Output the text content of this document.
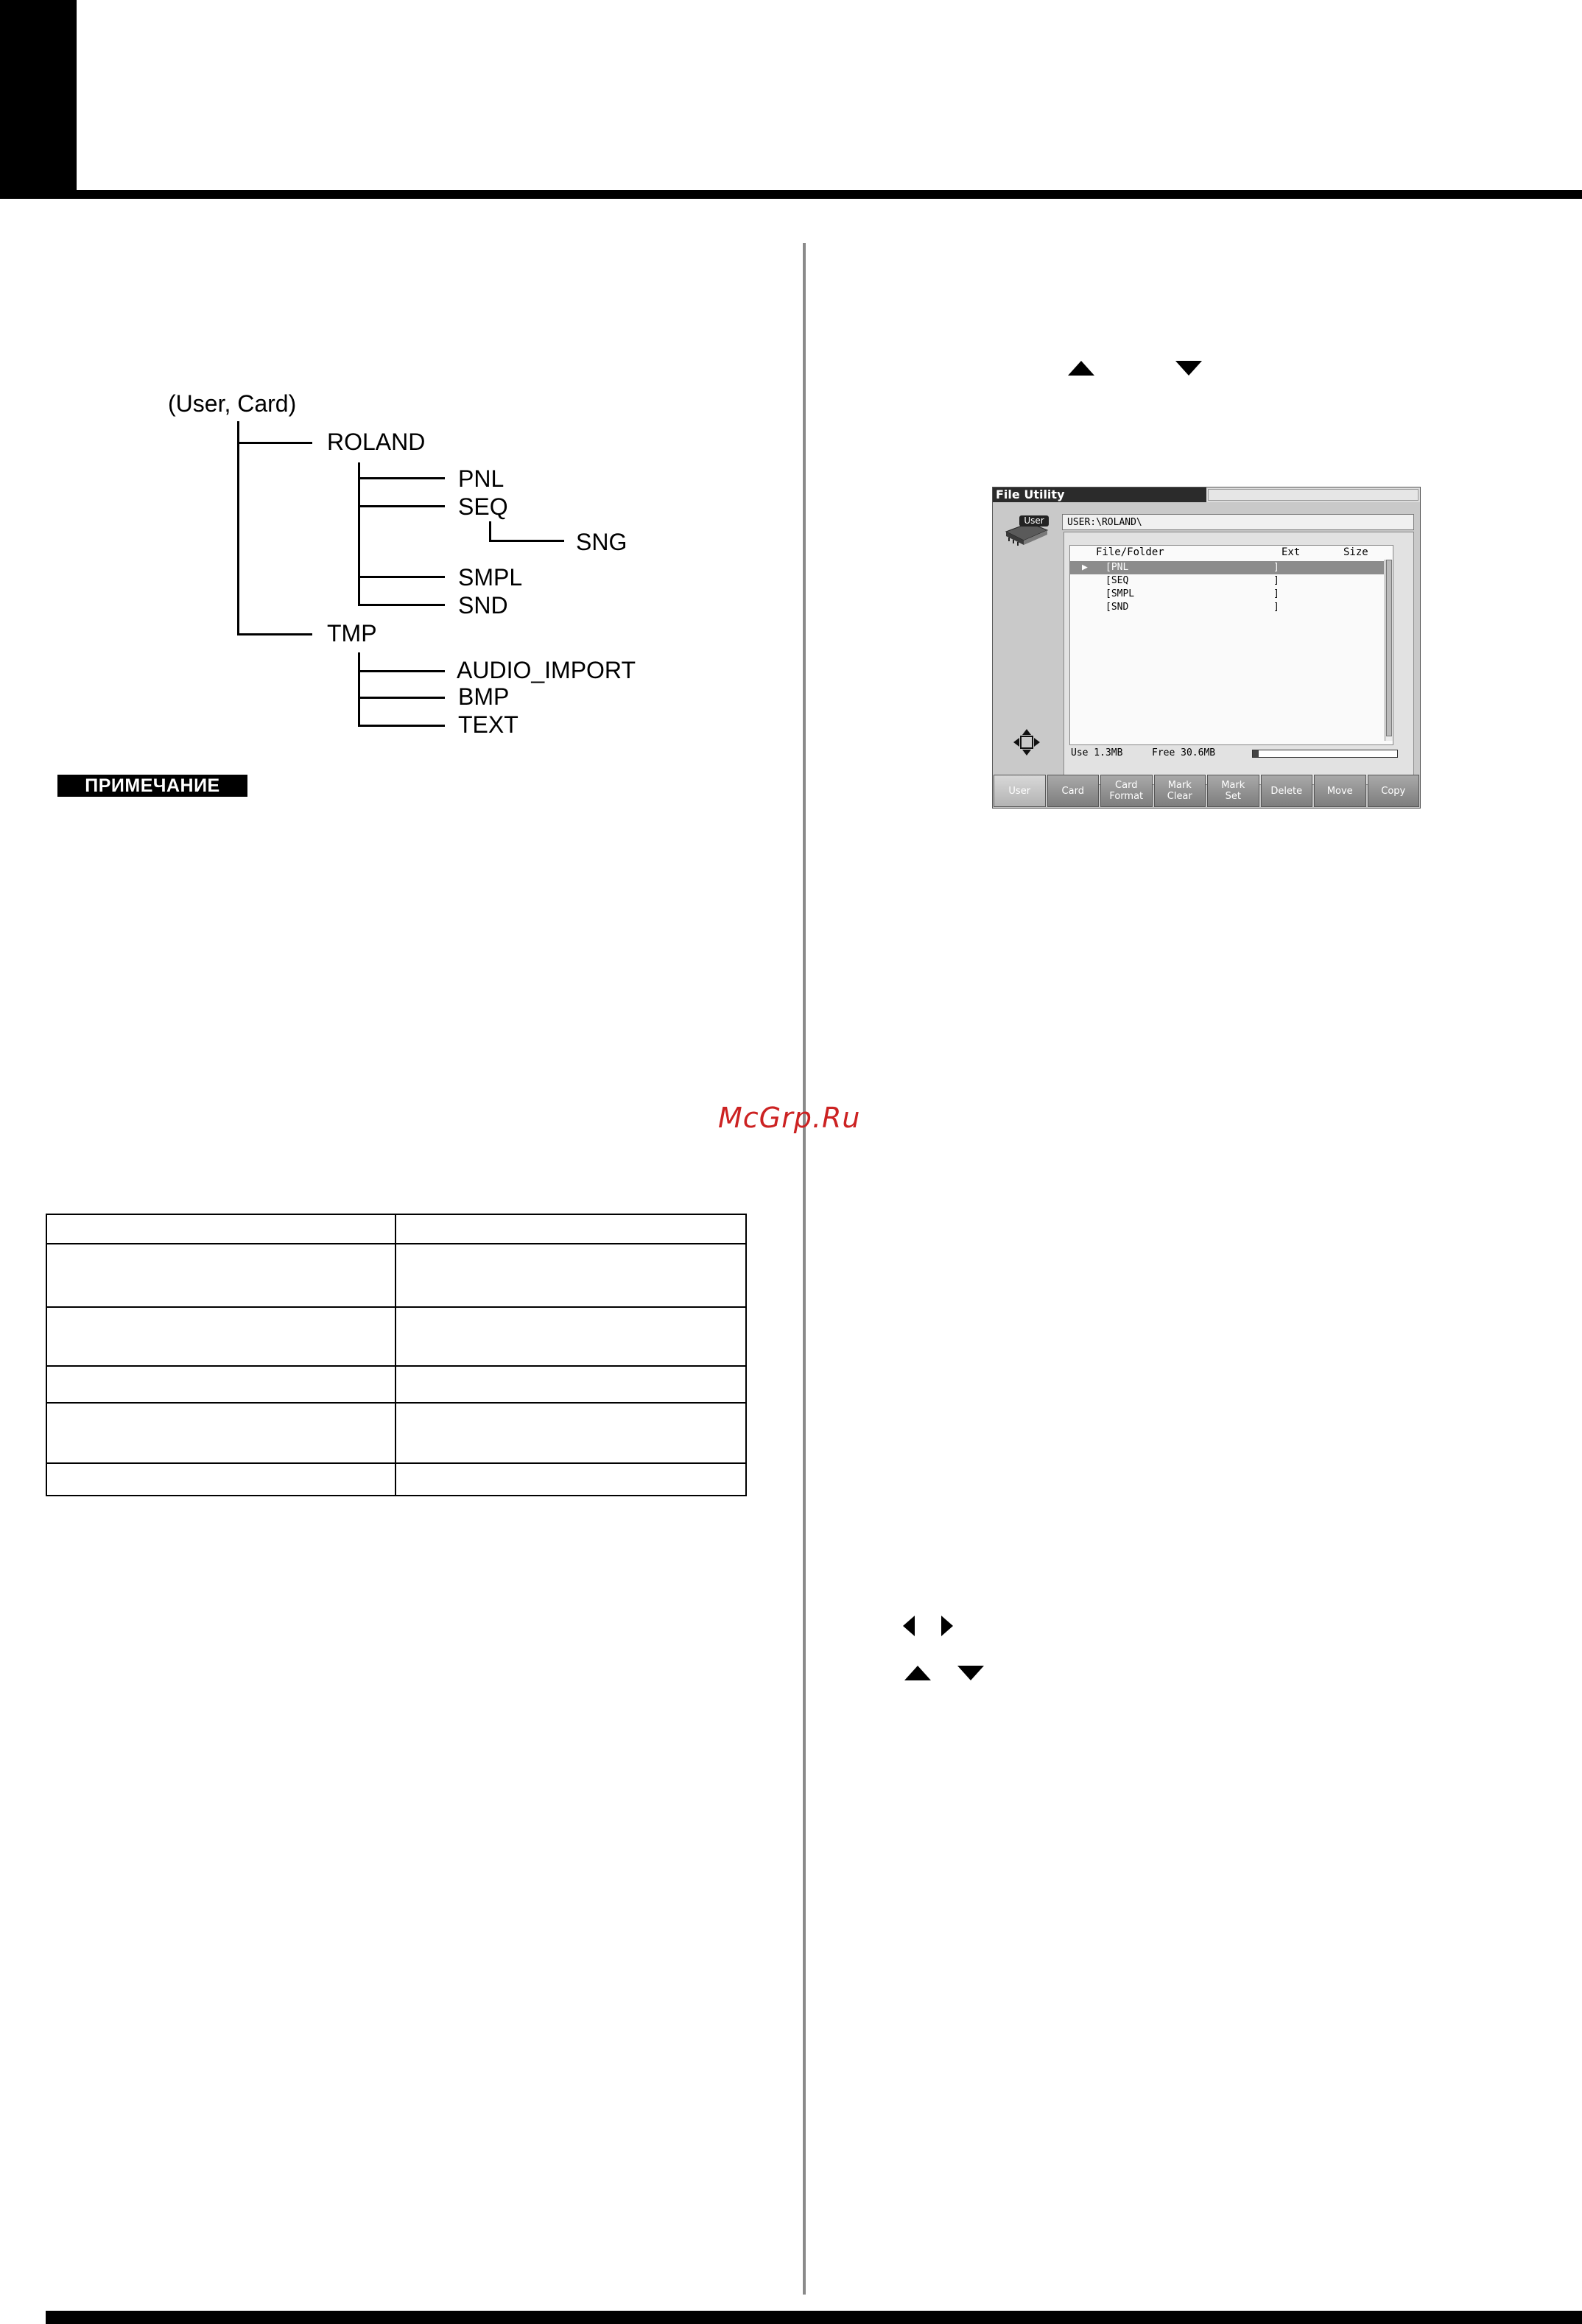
(User, Card)
ROLAND
PNL
SEQ
SNG
SMPL
SND
TMP
AUDIO_IMPORT
BMP
TEXT
ПРИМЕЧАНИЕ
McGrp.Ru
File Utility
User	USER:\ROLAND\
File/Folder	Ext	Size
▶ [PNL	]
[SEQ	]
[SMPL	]
[SND	]
Use 1.3MB	Free 30.6MB
User	Card	Card
Format
Mark
Clear
Mark
Set	Delete	Move	Copy
